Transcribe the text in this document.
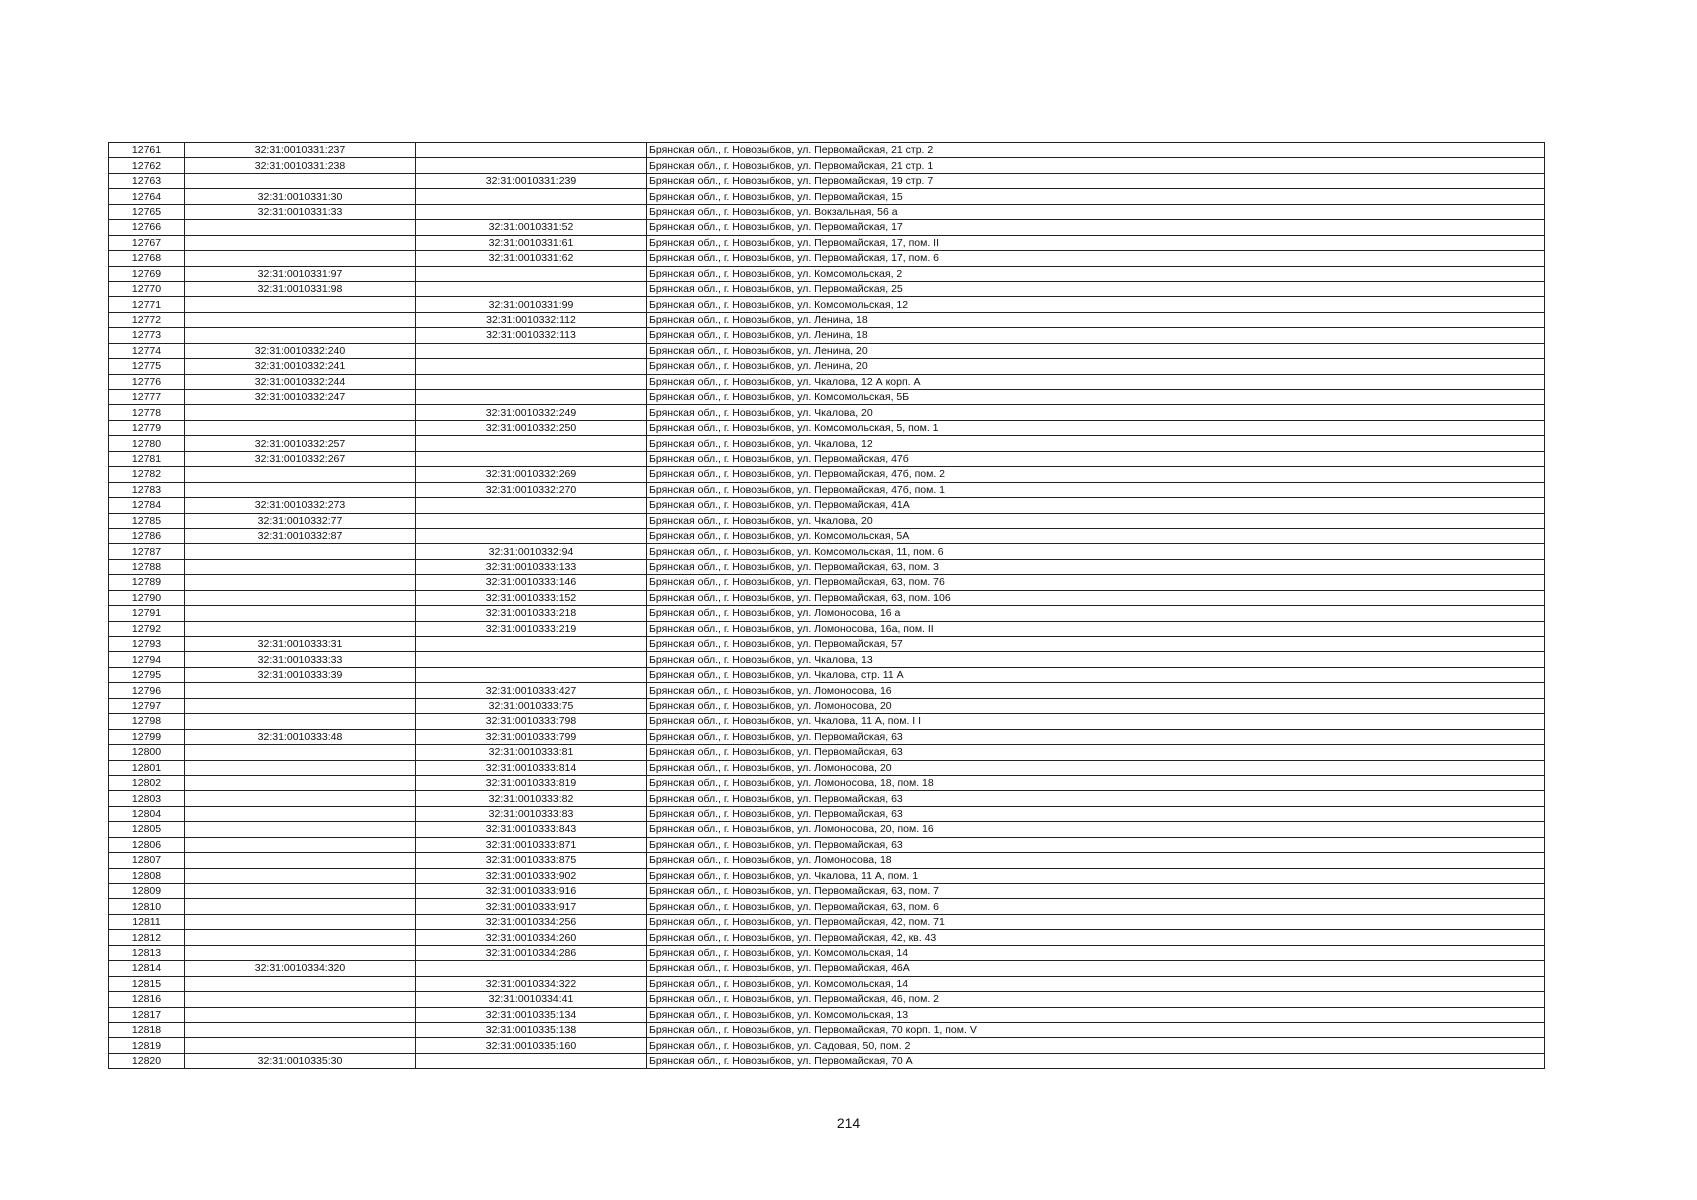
12761	32:31:0010331:237		Брянская обл., г. Новозыбков, ул. Первомайская, 21 стр. 2
12762	32:31:0010331:238		Брянская обл., г. Новозыбков, ул. Первомайская, 21 стр. 1
12763		32:31:0010331:239	Брянская обл., г. Новозыбков, ул. Первомайская, 19 стр. 7
12764	32:31:0010331:30		Брянская обл., г. Новозыбков, ул. Первомайская, 15
12765	32:31:0010331:33		Брянская обл., г. Новозыбков, ул. Вокзальная, 56 а
12766		32:31:0010331:52	Брянская обл., г. Новозыбков, ул. Первомайская, 17
12767		32:31:0010331:61	Брянская обл., г. Новозыбков, ул. Первомайская, 17, пом. II
12768		32:31:0010331:62	Брянская обл., г. Новозыбков, ул. Первомайская, 17, пом. 6
12769	32:31:0010331:97		Брянская обл., г. Новозыбков, ул. Комсомольская, 2
12770	32:31:0010331:98		Брянская обл., г. Новозыбков, ул. Первомайская, 25
12771		32:31:0010331:99	Брянская обл., г. Новозыбков, ул. Комсомольская, 12
12772		32:31:0010332:112	Брянская обл., г. Новозыбков, ул. Ленина, 18
12773		32:31:0010332:113	Брянская обл., г. Новозыбков, ул. Ленина, 18
12774	32:31:0010332:240		Брянская обл., г. Новозыбков, ул. Ленина, 20
12775	32:31:0010332:241		Брянская обл., г. Новозыбков, ул. Ленина, 20
12776	32:31:0010332:244		Брянская обл., г. Новозыбков, ул. Чкалова, 12 А корп. А
12777	32:31:0010332:247		Брянская обл., г. Новозыбков, ул. Комсомольская, 5Б
12778		32:31:0010332:249	Брянская обл., г. Новозыбков, ул. Чкалова, 20
12779		32:31:0010332:250	Брянская обл., г. Новозыбков, ул. Комсомольская, 5, пом. 1
12780	32:31:0010332:257		Брянская обл., г. Новозыбков, ул. Чкалова, 12
12781	32:31:0010332:267		Брянская обл., г. Новозыбков, ул. Первомайская, 47б
12782		32:31:0010332:269	Брянская обл., г. Новозыбков, ул. Первомайская, 47б, пом. 2
12783		32:31:0010332:270	Брянская обл., г. Новозыбков, ул. Первомайская, 47б, пом. 1
12784	32:31:0010332:273		Брянская обл., г. Новозыбков, ул. Первомайская, 41А
12785	32:31:0010332:77		Брянская обл., г. Новозыбков, ул. Чкалова, 20
12786	32:31:0010332:87		Брянская обл., г. Новозыбков, ул. Комсомольская, 5А
12787		32:31:0010332:94	Брянская обл., г. Новозыбков, ул. Комсомольская, 11, пом. 6
12788		32:31:0010333:133	Брянская обл., г. Новозыбков, ул. Первомайская, 63, пом. 3
12789		32:31:0010333:146	Брянская обл., г. Новозыбков, ул. Первомайская, 63, пом. 76
12790		32:31:0010333:152	Брянская обл., г. Новозыбков, ул. Первомайская, 63, пом. 106
12791		32:31:0010333:218	Брянская обл., г. Новозыбков, ул. Ломоносова, 16 а
12792		32:31:0010333:219	Брянская обл., г. Новозыбков, ул. Ломоносова, 16а, пом. II
12793	32:31:0010333:31		Брянская обл., г. Новозыбков, ул. Первомайская, 57
12794	32:31:0010333:33		Брянская обл., г. Новозыбков, ул. Чкалова, 13
12795	32:31:0010333:39		Брянская обл., г. Новозыбков, ул. Чкалова, стр. 11 А
12796		32:31:0010333:427	Брянская обл., г. Новозыбков, ул. Ломоносова, 16
12797		32:31:0010333:75	Брянская обл., г. Новозыбков, ул. Ломоносова, 20
12798		32:31:0010333:798	Брянская обл., г. Новозыбков, ул. Чкалова, 11 А, пом. I I
12799	32:31:0010333:48	32:31:0010333:799	Брянская обл., г. Новозыбков, ул. Первомайская, 63
12800		32:31:0010333:81	Брянская обл., г. Новозыбков, ул. Первомайская, 63
12801		32:31:0010333:814	Брянская обл., г. Новозыбков, ул. Ломоносова, 20
12802		32:31:0010333:819	Брянская обл., г. Новозыбков, ул. Ломоносова, 18, пом. 18
12803		32:31:0010333:82	Брянская обл., г. Новозыбков, ул. Первомайская, 63
12804		32:31:0010333:83	Брянская обл., г. Новозыбков, ул. Первомайская, 63
12805		32:31:0010333:843	Брянская обл., г. Новозыбков, ул. Ломоносова, 20, пом. 16
12806		32:31:0010333:871	Брянская обл., г. Новозыбков, ул. Первомайская, 63
12807		32:31:0010333:875	Брянская обл., г. Новозыбков, ул. Ломоносова, 18
12808		32:31:0010333:902	Брянская обл., г. Новозыбков, ул. Чкалова, 11 А, пом. 1
12809		32:31:0010333:916	Брянская обл., г. Новозыбков, ул. Первомайская, 63, пом. 7
12810		32:31:0010333:917	Брянская обл., г. Новозыбков, ул. Первомайская, 63, пом. 6
12811		32:31:0010334:256	Брянская обл., г. Новозыбков, ул. Первомайская, 42, пом. 71
12812		32:31:0010334:260	Брянская обл., г. Новозыбков, ул. Первомайская, 42, кв. 43
12813		32:31:0010334:286	Брянская обл., г. Новозыбков, ул. Комсомольская, 14
12814	32:31:0010334:320		Брянская обл., г. Новозыбков, ул. Первомайская, 46А
12815		32:31:0010334:322	Брянская обл., г. Новозыбков, ул. Комсомольская, 14
12816		32:31:0010334:41	Брянская обл., г. Новозыбков, ул. Первомайская, 46, пом. 2
12817		32:31:0010335:134	Брянская обл., г. Новозыбков, ул. Комсомольская, 13
12818		32:31:0010335:138	Брянская обл., г. Новозыбков, ул. Первомайская, 70 корп. 1, пом. V
12819		32:31:0010335:160	Брянская обл., г. Новозыбков, ул. Садовая, 50, пом. 2
12820	32:31:0010335:30		Брянская обл., г. Новозыбков, ул. Первомайская, 70 А
214
